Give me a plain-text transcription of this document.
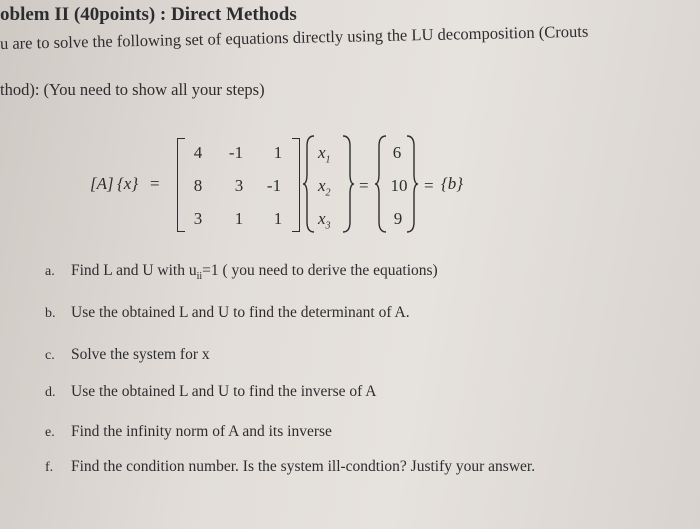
oblem II (40points) : Direct Methods
u are to solve the following set of equations directly using the LU decomposition (Crouts
thod): (You need to show all your steps)
[A] {x} =
4	-1	1
8	3	-1
3	1	1
$x_1$
$x_2$
$x_3$
=
6
10
9
= {b}
a. Find L and U with $u_{ii}=1$ ( you need to derive the equations)
b. Use the obtained L and U to find the determinant of A.
c. Solve the system for x
d. Use the obtained L and U to find the inverse of A
e. Find the infinity norm of A and its inverse
f. Find the condition number. Is the system ill-condtion? Justify your answer.
